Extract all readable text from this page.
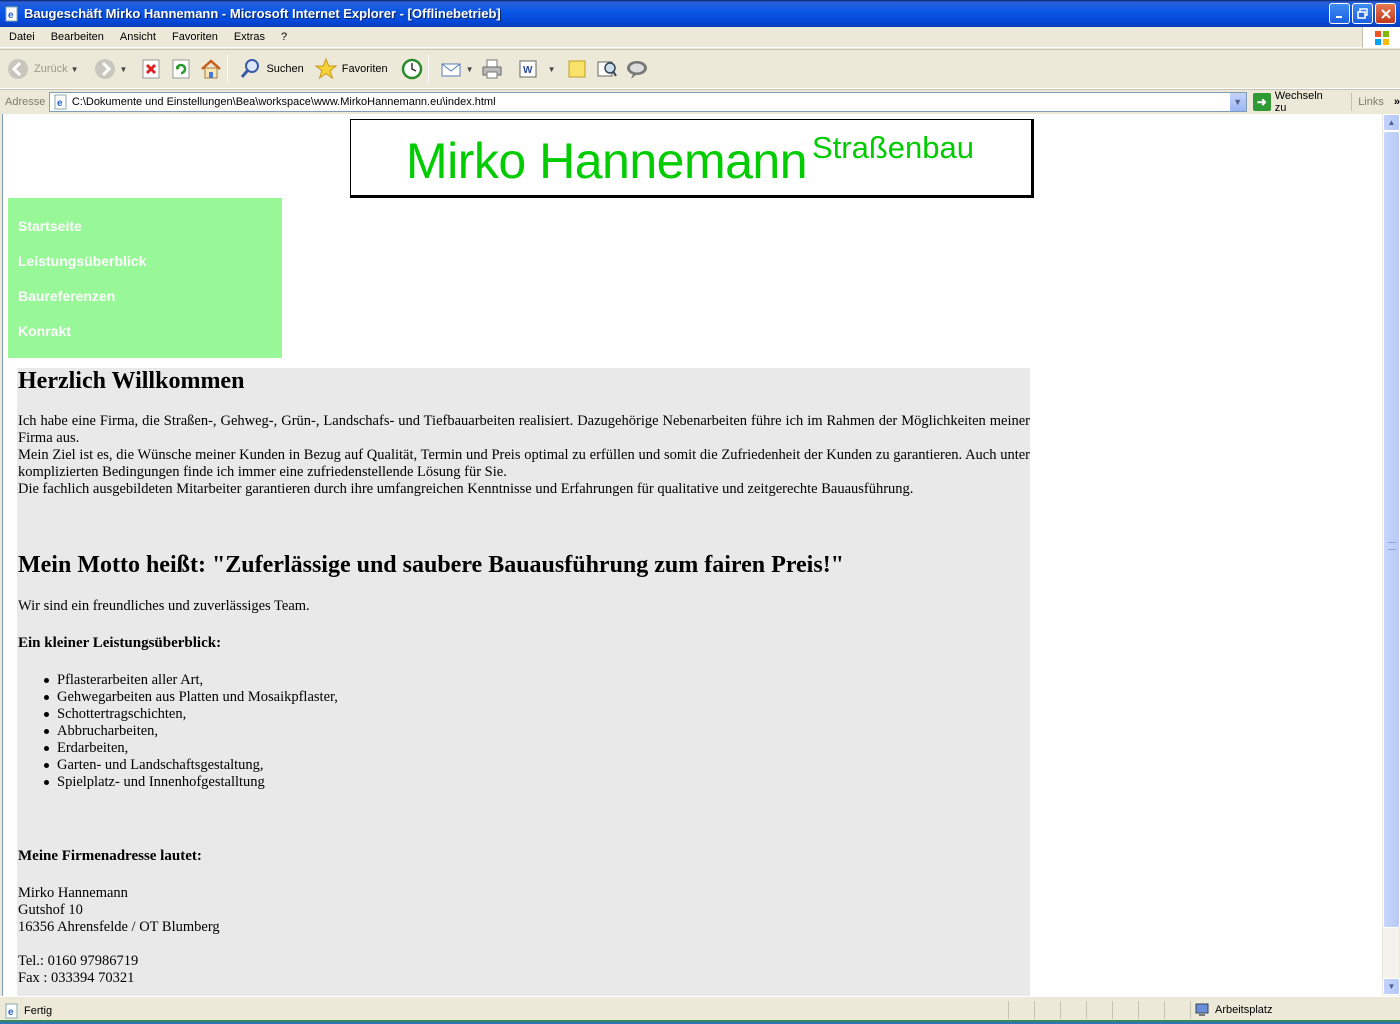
e Baugeschäft Mirko Hannemann - Microsoft Internet Explorer - [Offlinebetrieb]
Datei	Bearbeiten	Ansicht	Favoriten	Extras	?
Zurück ▼	▼	Suchen	Favoriten	▼	W ▼
Adresse	e C:\Dokumente und Einstellungen\Bea\workspace\www.MirkoHannemann.eu\index.html	▼	➜ Wechseln zu	Links »
Mirko Hannemann Straßenbau
Startseite
Leistungsüberblick
Baureferenzen
Konrakt
Herzlich Willkommen
Ich habe eine Firma, die Straßen-, Gehweg-, Grün-, Landschafs- und Tiefbauarbeiten realisiert. Dazugehörige Nebenarbeiten führe ich im Rahmen der Möglichkeiten meiner Firma aus.
Mein Ziel ist es, die Wünsche meiner Kunden in Bezug auf Qualität, Termin und Preis optimal zu erfüllen und somit die Zufriedenheit der Kunden zu garantieren. Auch unter komplizierten Bedingungen finde ich immer eine zufriedenstellende Lösung für Sie.
Die fachlich ausgebildeten Mitarbeiter garantieren durch ihre umfangreichen Kenntnisse und Erfahrungen für qualitative und zeitgerechte Bauausführung.
Mein Motto heißt: "Zuferlässige und saubere Bauausführung zum fairen Preis!"
Wir sind ein freundliches und zuverlässiges Team.
Ein kleiner Leistungsüberblick:
Pflasterarbeiten aller Art,
Gehwegarbeiten aus Platten und Mosaikpflaster,
Schottertragschichten,
Abbrucharbeiten,
Erdarbeiten,
Garten- und Landschaftsgestaltung,
Spielplatz- und Innenhofgestalltung
Meine Firmenadresse lautet:
Mirko Hannemann
Gutshof 10
16356 Ahrensfelde / OT Blumberg
Tel.: 0160 97986719
Fax : 033394 70321
▲
▼
e Fertig	Arbeitsplatz
